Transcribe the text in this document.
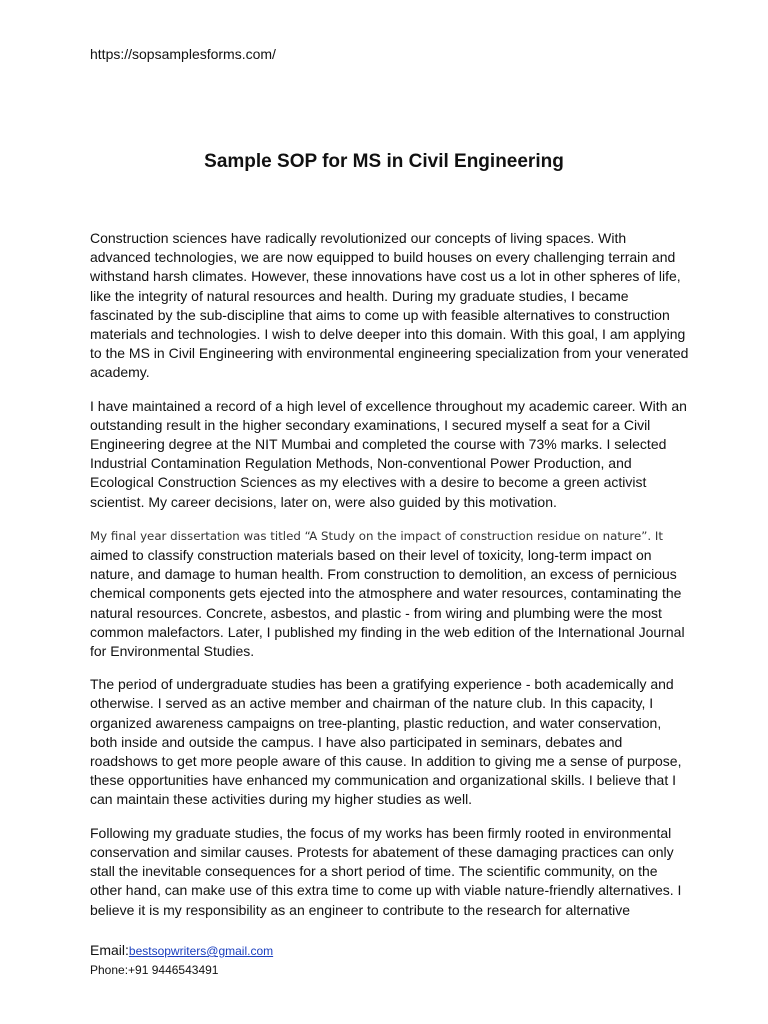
https://sopsamplesforms.com/
Sample SOP for MS in Civil Engineering

Construction sciences have radically revolutionized our concepts of living spaces. With advanced technologies, we are now equipped to build houses on every challenging terrain and withstand harsh climates. However, these innovations have cost us a lot in other spheres of life, like the integrity of natural resources and health. During my graduate studies, I became fascinated by the sub-discipline that aims to come up with feasible alternatives to construction materials and technologies. I wish to delve deeper into this domain. With this goal, I am applying to the MS in Civil Engineering with environmental engineering specialization from your venerated academy.

I have maintained a record of a high level of excellence throughout my academic career. With an outstanding result in the higher secondary examinations, I secured myself a seat for a Civil Engineering degree at the NIT Mumbai and completed the course with 73% marks. I selected Industrial Contamination Regulation Methods, Non-conventional Power Production, and Ecological Construction Sciences as my electives with a desire to become a green activist scientist. My career decisions, later on, were also guided by this motivation.

My final year dissertation was titled “A Study on the impact of construction residue on nature”. It aimed to classify construction materials based on their level of toxicity, long-term impact on nature, and damage to human health. From construction to demolition, an excess of pernicious chemical components gets ejected into the atmosphere and water resources, contaminating the natural resources. Concrete, asbestos, and plastic - from wiring and plumbing were the most common malefactors. Later, I published my finding in the web edition of the International Journal for Environmental Studies.

The period of undergraduate studies has been a gratifying experience - both academically and otherwise. I served as an active member and chairman of the nature club. In this capacity, I organized awareness campaigns on tree-planting, plastic reduction, and water conservation, both inside and outside the campus. I have also participated in seminars, debates and roadshows to get more people aware of this cause. In addition to giving me a sense of purpose, these opportunities have enhanced my communication and organizational skills. I believe that I can maintain these activities during my higher studies as well.

Following my graduate studies, the focus of my works has been firmly rooted in environmental conservation and similar causes. Protests for abatement of these damaging practices can only stall the inevitable consequences for a short period of time. The scientific community, on the other hand, can make use of this extra time to come up with viable nature-friendly alternatives. I believe it is my responsibility as an engineer to contribute to the research for alternative

Email:bestsopwriters@gmail.com
Phone:+91 9446543491
